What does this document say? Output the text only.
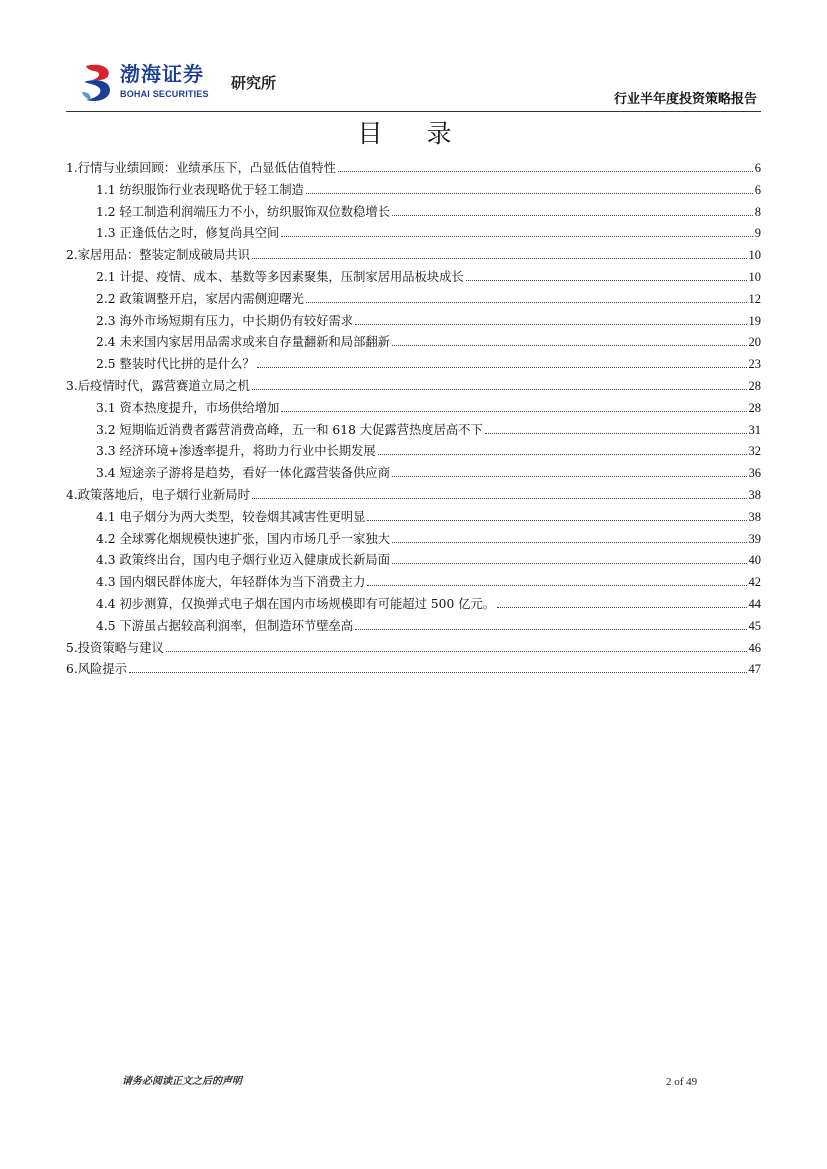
渤海证券
BOHAI SECURITIES
研究所
行业半年度投资策略报告
目 录
1.行情与业绩回顾：业绩承压下，凸显低估值特性	6
1.1 纺织服饰行业表现略优于轻工制造	6
1.2 轻工制造利润端压力不小，纺织服饰双位数稳增长	8
1.3 正逢低估之时，修复尚具空间	9
2.家居用品：整装定制成破局共识	10
2.1 计提、疫情、成本、基数等多因素聚集，压制家居用品板块成长	10
2.2 政策调整开启，家居内需侧迎曙光	12
2.3 海外市场短期有压力，中长期仍有较好需求	19
2.4 未来国内家居用品需求或来自存量翻新和局部翻新	20
2.5 整装时代比拼的是什么？	23
3.后疫情时代，露营赛道立局之机	28
3.1 资本热度提升，市场供给增加	28
3.2 短期临近消费者露营消费高峰，五一和 618 大促露营热度居高不下	31
3.3 经济环境+渗透率提升，将助力行业中长期发展	32
3.4 短途亲子游将是趋势，看好一体化露营装备供应商	36
4.政策落地后，电子烟行业新局时	38
4.1 电子烟分为两大类型，较卷烟其减害性更明显	38
4.2 全球雾化烟规模快速扩张，国内市场几乎一家独大	39
4.3 政策终出台，国内电子烟行业迈入健康成长新局面	40
4.3 国内烟民群体庞大，年轻群体为当下消费主力	42
4.4 初步测算，仅换弹式电子烟在国内市场规模即有可能超过 500 亿元。	44
4.5 下游虽占据较高利润率，但制造环节壁垒高	45
5.投资策略与建议	46
6.风险提示	47
请务必阅读正文之后的声明	2 of 49
